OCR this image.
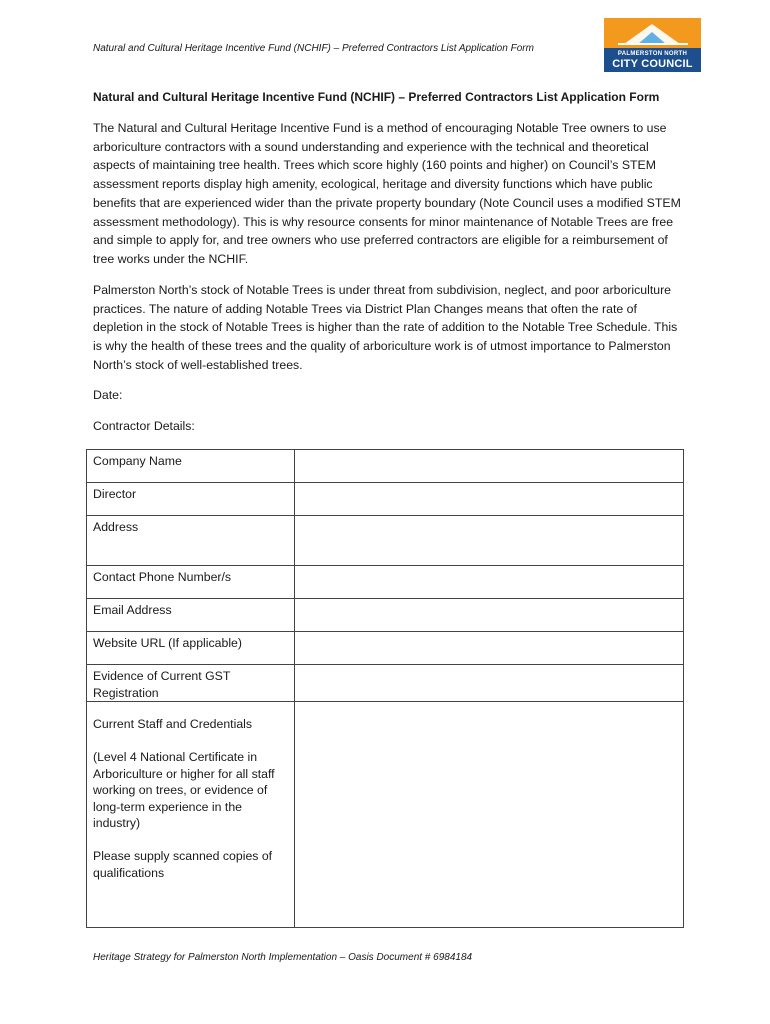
Natural and Cultural Heritage Incentive Fund (NCHIF) – Preferred Contractors List Application Form	PALMERSTON NORTH
CITY COUNCIL
Natural and Cultural Heritage Incentive Fund (NCHIF) – Preferred Contractors List Application Form

The Natural and Cultural Heritage Incentive Fund is a method of encouraging Notable Tree owners to use arboriculture contractors with a sound understanding and experience with the technical and theoretical aspects of maintaining tree health. Trees which score highly (160 points and higher) on Council’s STEM assessment reports display high amenity, ecological, heritage and diversity functions which have public benefits that are experienced wider than the private property boundary (Note Council uses a modified STEM assessment methodology). This is why resource consents for minor maintenance of Notable Trees are free and simple to apply for, and tree owners who use preferred contractors are eligible for a reimbursement of tree works under the NCHIF.

Palmerston North’s stock of Notable Trees is under threat from subdivision, neglect, and poor arboriculture practices. The nature of adding Notable Trees via District Plan Changes means that often the rate of depletion in the stock of Notable Trees is higher than the rate of addition to the Notable Tree Schedule. This is why the health of these trees and the quality of arboriculture work is of utmost importance to Palmerston North’s stock of well-established trees.

Date:
Contractor Details:
Company Name	
Director	
Address	
Contact Phone Number/s	
Email Address	
Website URL (If applicable)	
Evidence of Current GST Registration	
Current Staff and Credentials

(Level 4 National Certificate in Arboriculture or higher for all staff working on trees, or evidence of long-term experience in the industry)

Please supply scanned copies of qualifications	
Heritage Strategy for Palmerston North Implementation – Oasis Document # 6984184
